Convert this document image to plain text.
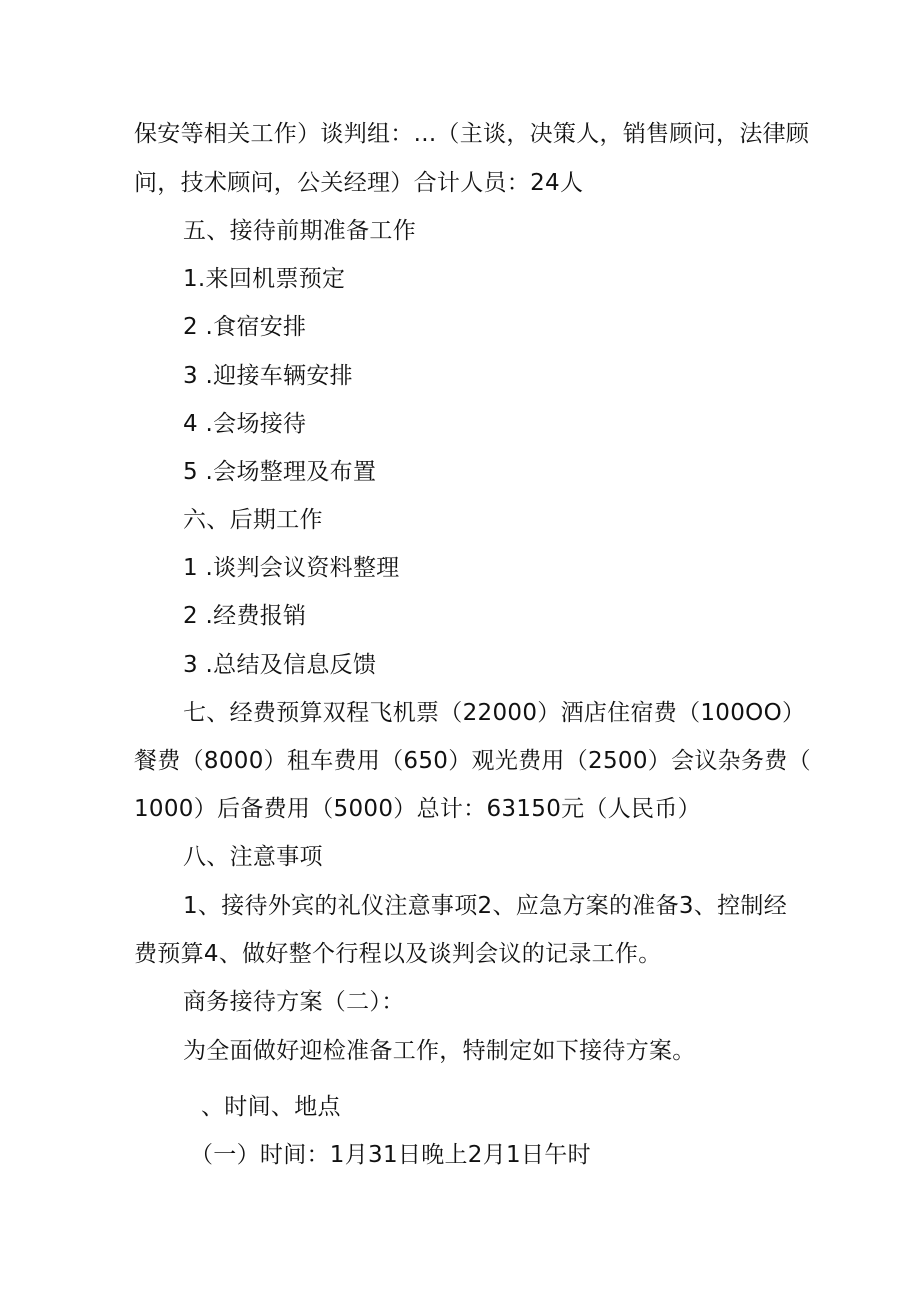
保安等相关工作）谈判组：...（主谈，决策人，销售顾问，法律顾
问，技术顾问，公关经理）合计人员：24人
五、接待前期准备工作
1.来回机票预定
2 .食宿安排
3 .迎接车辆安排
4 .会场接待
5 .会场整理及布置
六、后期工作
1 .谈判会议资料整理
2 .经费报销
3 .总结及信息反馈
七、经费预算双程飞机票（22000）酒店住宿费（100OO）
餐费（8000）租车费用（650）观光费用（2500）会议杂务费（
1000）后备费用（5000）总计：63150元（人民币）
八、注意事项
1、接待外宾的礼仪注意事项2、应急方案的准备3、控制经
费预算4、做好整个行程以及谈判会议的记录工作。
商务接待方案（二）：
为全面做好迎检准备工作，特制定如下接待方案。
、时间、地点
（一）时间：1月31日晚上2月1日午时
